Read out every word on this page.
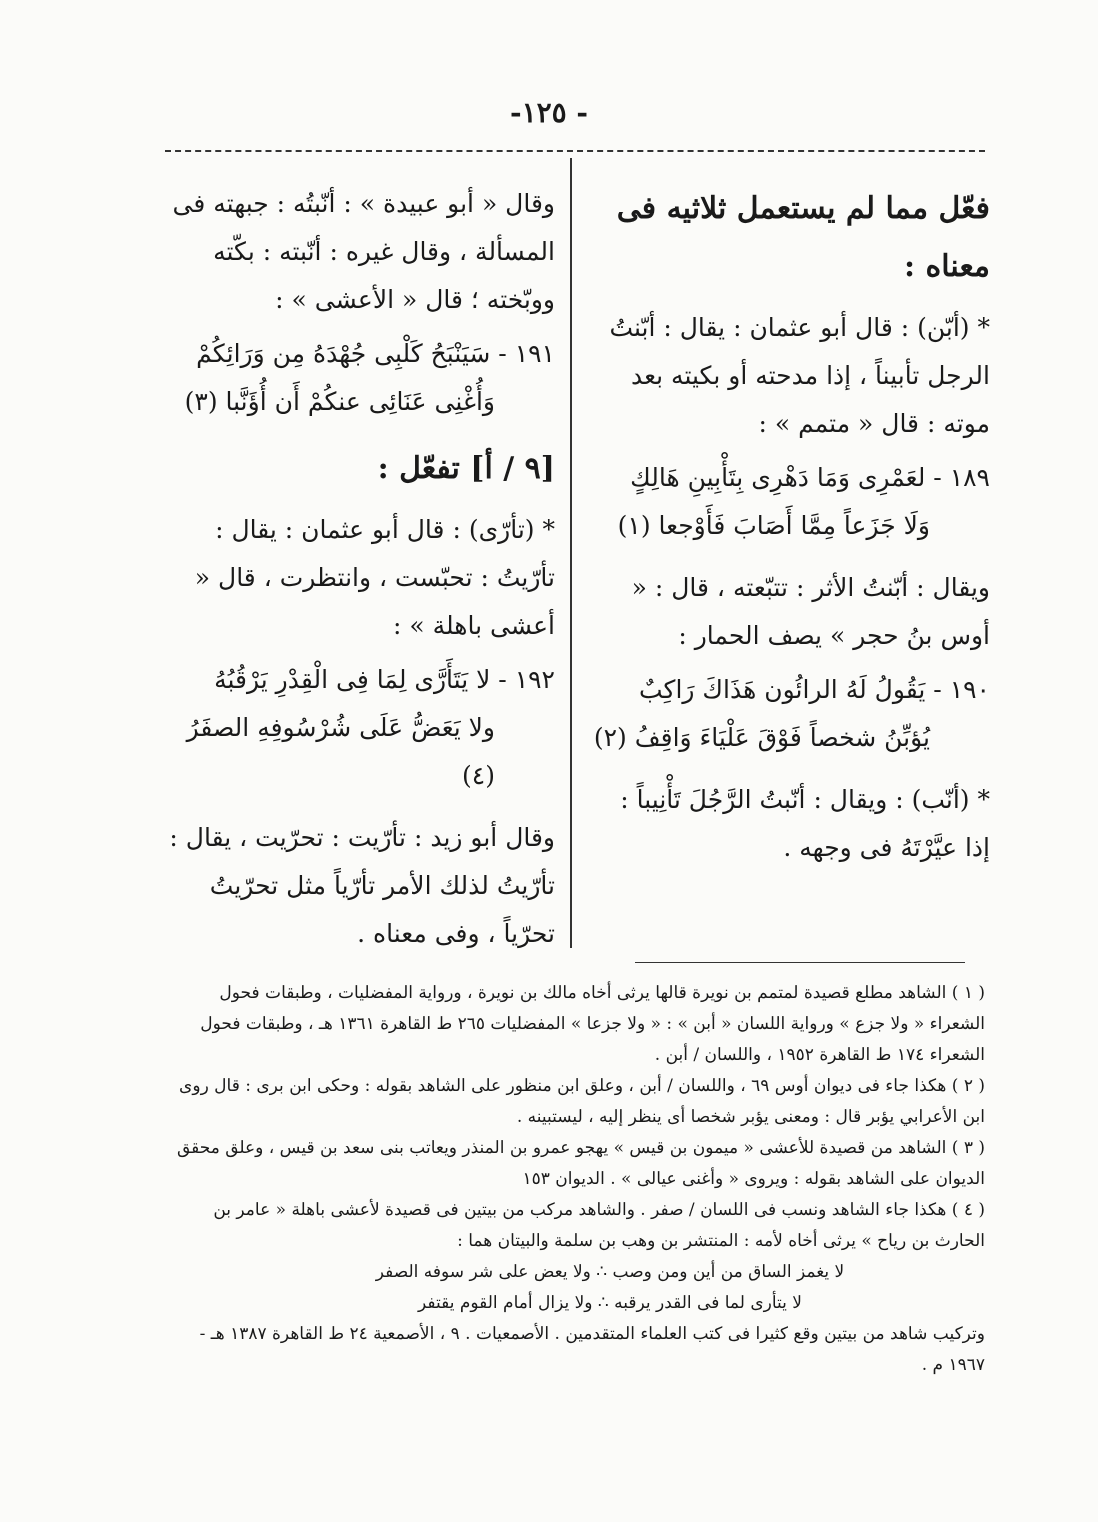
-١٢٥ -

فعّل مما لم يستعمل ثلاثيه فى معناه :

* (أبّن) : قال أبو عثمان : يقال : أبّنتُ الرجل تأبيناً ، إذا مدحته أو بكيته بعد موته : قال « متمم » :

١٨٩ - لعَمْرِى وَمَا دَهْرِى بِتَأْبِينِ هَالِكٍ
وَلَا جَزَعاً مِمَّا أَصَابَ فَأَوْجعا (١)

ويقال : أبّنتُ الأثر : تتبّعته ، قال : « أوس بنُ حجر » يصف الحمار :

١٩٠ - يَقُولُ لَهُ الرائُون هَذَاكَ رَاكِبٌ
يُؤبِّنُ شخصاً فَوْقَ عَلْيَاءَ وَاقِفُ (٢)

* (أنّب) : ويقال : أنّبتُ الرَّجُلَ تَأْنِيباً : إذا عيَّرْتَهُ فى وجهه .

وقال « أبو عبيدة » : أنّبتُه : جبهته فى المسألة ، وقال غيره : أنّبته : بكّته ووبّخته ؛ قال « الأعشى » :

١٩١ - سَيَنْبَحُ كَلْبِى جُهْدَهُ مِن وَرَائِكُمْ
وَأُغْنِى عَنَائِى عنكُمْ أَن أُؤَنَّبا (٣)

[٩ / أ] تفعّل :

* (تأرّى) : قال أبو عثمان : يقال : تأرّيتُ : تحبّست ، وانتظرت ، قال « أعشى باهلة » :

١٩٢ - لا يَتَأَرَّى لِمَا فِى الْقِدْرِ يَرْقُبُهُ
ولا يَعَضُّ عَلَى شُرْسُوفِهِ الصفَرُ (٤)

وقال أبو زيد : تأرّيت : تحرّيت ، يقال : تأرّيتُ لذلك الأمر تأرّياً مثل تحرّيتُ تحرّياً ، وفى معناه .

( ١ ) الشاهد مطلع قصيدة لمتمم بن نويرة قالها يرثى أخاه مالك بن نويرة ، ورواية المفضليات ، وطبقات فحول الشعراء « ولا جزع » ورواية اللسان « أبن » : « ولا جزعا » المفضليات ٢٦٥ ط القاهرة ١٣٦١ هـ ، وطبقات فحول الشعراء ١٧٤ ط القاهرة ١٩٥٢ ، واللسان / أبن .

( ٢ ) هكذا جاء فى ديوان أوس ٦٩ ، واللسان / أبن ، وعلق ابن منظور على الشاهد بقوله : وحكى ابن برى : قال روى ابن الأعرابي يؤبر قال : ومعنى يؤبر شخصا أى ينظر إليه ، ليستبينه .

( ٣ ) الشاهد من قصيدة للأعشى « ميمون بن قيس » يهجو عمرو بن المنذر ويعاتب بنى سعد بن قيس ، وعلق محقق الديوان على الشاهد بقوله : ويروى « وأغنى عيالى » . الديوان ١٥٣

( ٤ ) هكذا جاء الشاهد ونسب فى اللسان / صفر . والشاهد مركب من بيتين فى قصيدة لأعشى باهلة « عامر بن الحارث بن رياح » يرثى أخاه لأمه : المنتشر بن وهب بن سلمة والبيتان هما :

لا يغمز الساق من أين ومن وصب ∴ ولا يعض على شر سوفه الصفر

لا يتأرى لما فى القدر يرقبه ∴ ولا يزال أمام القوم يقتفر

وتركيب شاهد من بيتين وقع كثيرا فى كتب العلماء المتقدمين . الأصمعيات . ٩ ، الأصمعية ٢٤ ط القاهرة ١٣٨٧ هـ - ١٩٦٧ م .
